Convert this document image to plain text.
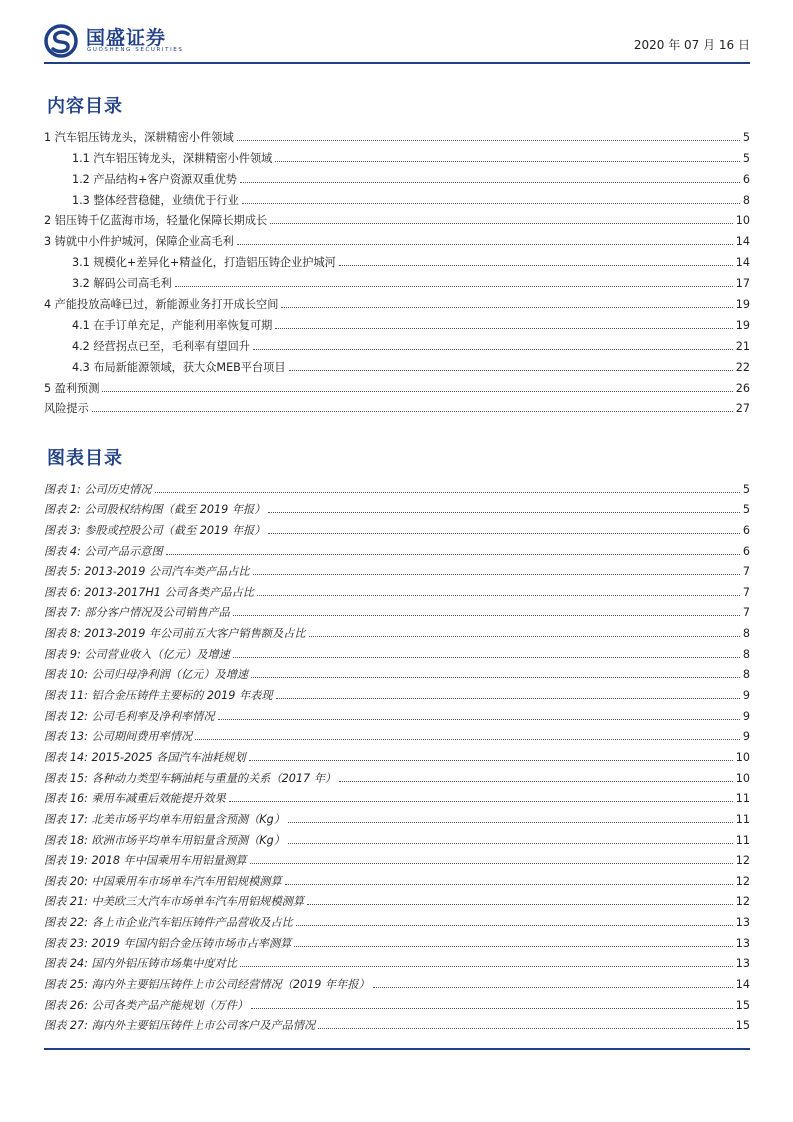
国盛证券
GUOSHENG SECURITIES	2020 年 07 月 16 日
内容目录
1 汽车铝压铸龙头，深耕精密小件领域	5
1.1 汽车铝压铸龙头，深耕精密小件领域	5
1.2 产品结构+客户资源双重优势	6
1.3 整体经营稳健，业绩优于行业	8
2 铝压铸千亿蓝海市场，轻量化保障长期成长	10
3 铸就中小件护城河，保障企业高毛利	14
3.1 规模化+差异化+精益化，打造铝压铸企业护城河	14
3.2 解码公司高毛利	17
4 产能投放高峰已过，新能源业务打开成长空间	19
4.1 在手订单充足，产能利用率恢复可期	19
4.2 经营拐点已至，毛利率有望回升	21
4.3 布局新能源领域，获大众MEB平台项目	22
5 盈利预测	26
风险提示	27
图表目录
图表 1: 公司历史情况	5
图表 2: 公司股权结构图（截至 2019 年报）	5
图表 3: 参股或控股公司（截至 2019 年报）	6
图表 4: 公司产品示意图	6
图表 5: 2013-2019 公司汽车类产品占比	7
图表 6: 2013-2017H1 公司各类产品占比	7
图表 7: 部分客户情况及公司销售产品	7
图表 8: 2013-2019 年公司前五大客户销售额及占比	8
图表 9: 公司营业收入（亿元）及增速	8
图表 10: 公司归母净利润（亿元）及增速	8
图表 11: 铝合金压铸件主要标的 2019 年表现	9
图表 12: 公司毛利率及净利率情况	9
图表 13: 公司期间费用率情况	9
图表 14: 2015-2025 各国汽车油耗规划	10
图表 15: 各种动力类型车辆油耗与重量的关系（2017 年）	10
图表 16: 乘用车减重后效能提升效果	11
图表 17: 北美市场平均单车用铝量含预测（Kg）	11
图表 18: 欧洲市场平均单车用铝量含预测（Kg）	11
图表 19: 2018 年中国乘用车用铝量测算	12
图表 20: 中国乘用车市场单车汽车用铝规模测算	12
图表 21: 中美欧三大汽车市场单车汽车用铝规模测算	12
图表 22: 各上市企业汽车铝压铸件产品营收及占比	13
图表 23: 2019 年国内铝合金压铸市场市占率测算	13
图表 24: 国内外铝压铸市场集中度对比	13
图表 25: 海内外主要铝压铸件上市公司经营情况（2019 年年报）	14
图表 26: 公司各类产品产能规划（万件）	15
图表 27: 海内外主要铝压铸件上市公司客户及产品情况	15
